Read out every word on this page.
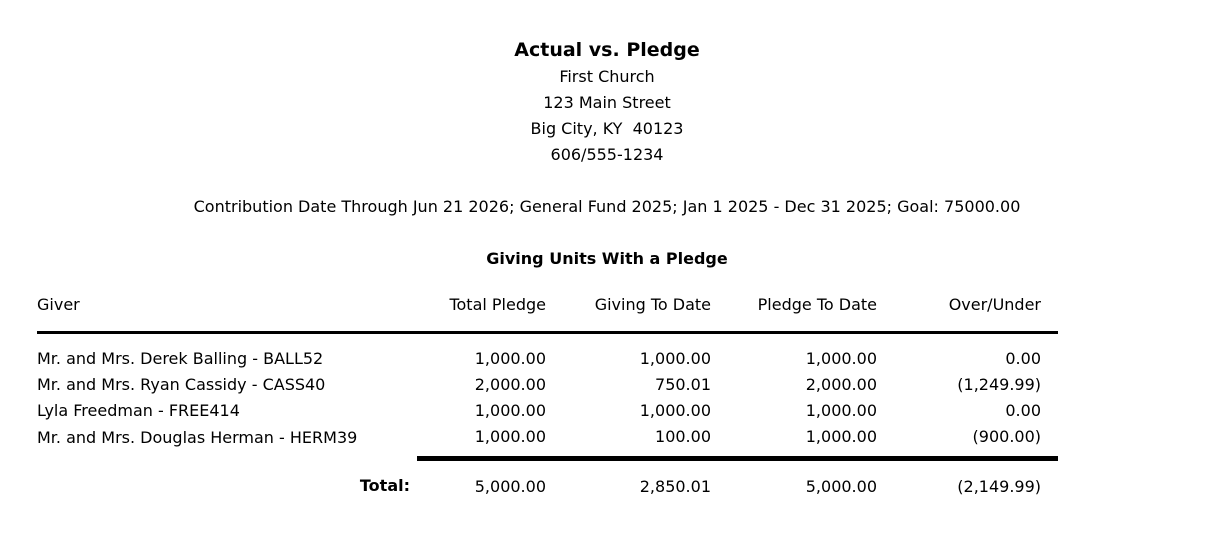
Actual vs. Pledge
First Church
123 Main Street
Big City, KY  40123
606/555-1234
Contribution Date Through Jun 21 2026; General Fund 2025; Jan 1 2025 - Dec 31 2025; Goal: 75000.00
Giving Units With a Pledge
Giver	Total Pledge	Giving To Date	Pledge To Date	Over/Under
Mr. and Mrs. Derek Balling - BALL52	1,000.00	1,000.00	1,000.00	0.00
Mr. and Mrs. Ryan Cassidy - CASS40	2,000.00	750.01	2,000.00	(1,249.99)
Lyla Freedman - FREE414	1,000.00	1,000.00	1,000.00	0.00
Mr. and Mrs. Douglas Herman - HERM39	1,000.00	100.00	1,000.00	(900.00)
Total:	5,000.00	2,850.01	5,000.00	(2,149.99)
